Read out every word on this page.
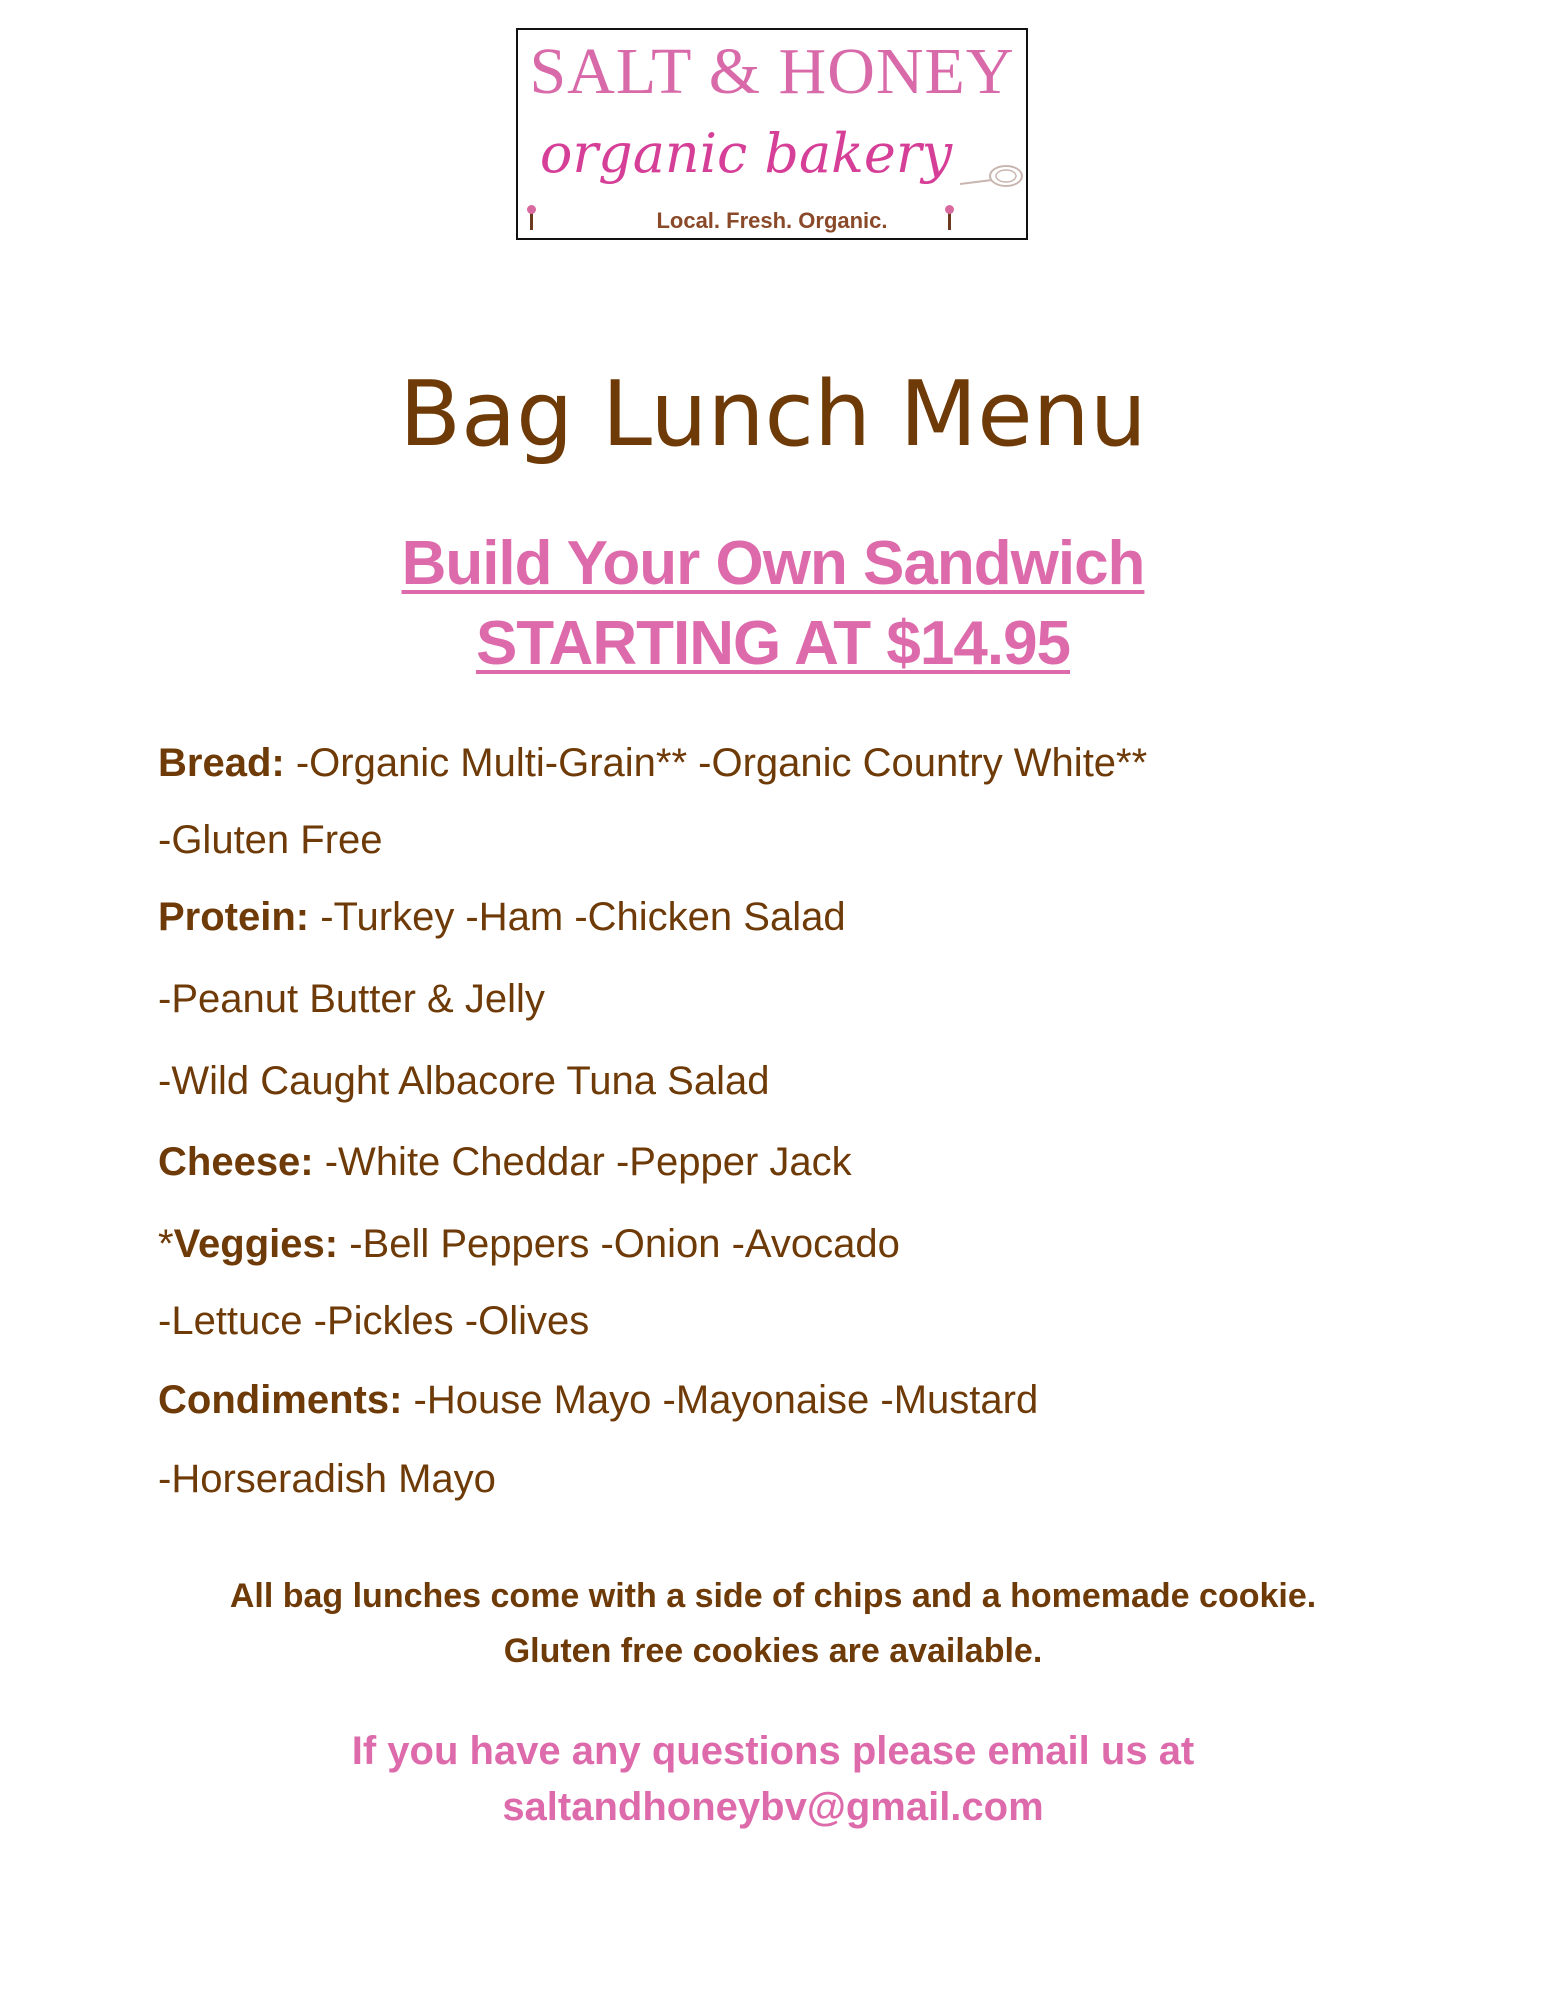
SALT & HONEY
organic bakery
Local. Fresh. Organic.
Bag Lunch Menu
Build Your Own Sandwich
STARTING AT $14.95
Bread: -Organic Multi-Grain** -Organic Country White**
-Gluten Free
Protein: -Turkey -Ham -Chicken Salad
-Peanut Butter & Jelly
-Wild Caught Albacore Tuna Salad
Cheese: -White Cheddar -Pepper Jack
*Veggies: -Bell Peppers -Onion -Avocado
-Lettuce -Pickles -Olives
Condiments: -House Mayo -Mayonaise -Mustard
-Horseradish Mayo
All bag lunches come with a side of chips and a homemade cookie.
Gluten free cookies are available.
If you have any questions please email us at
saltandhoneybv@gmail.com
